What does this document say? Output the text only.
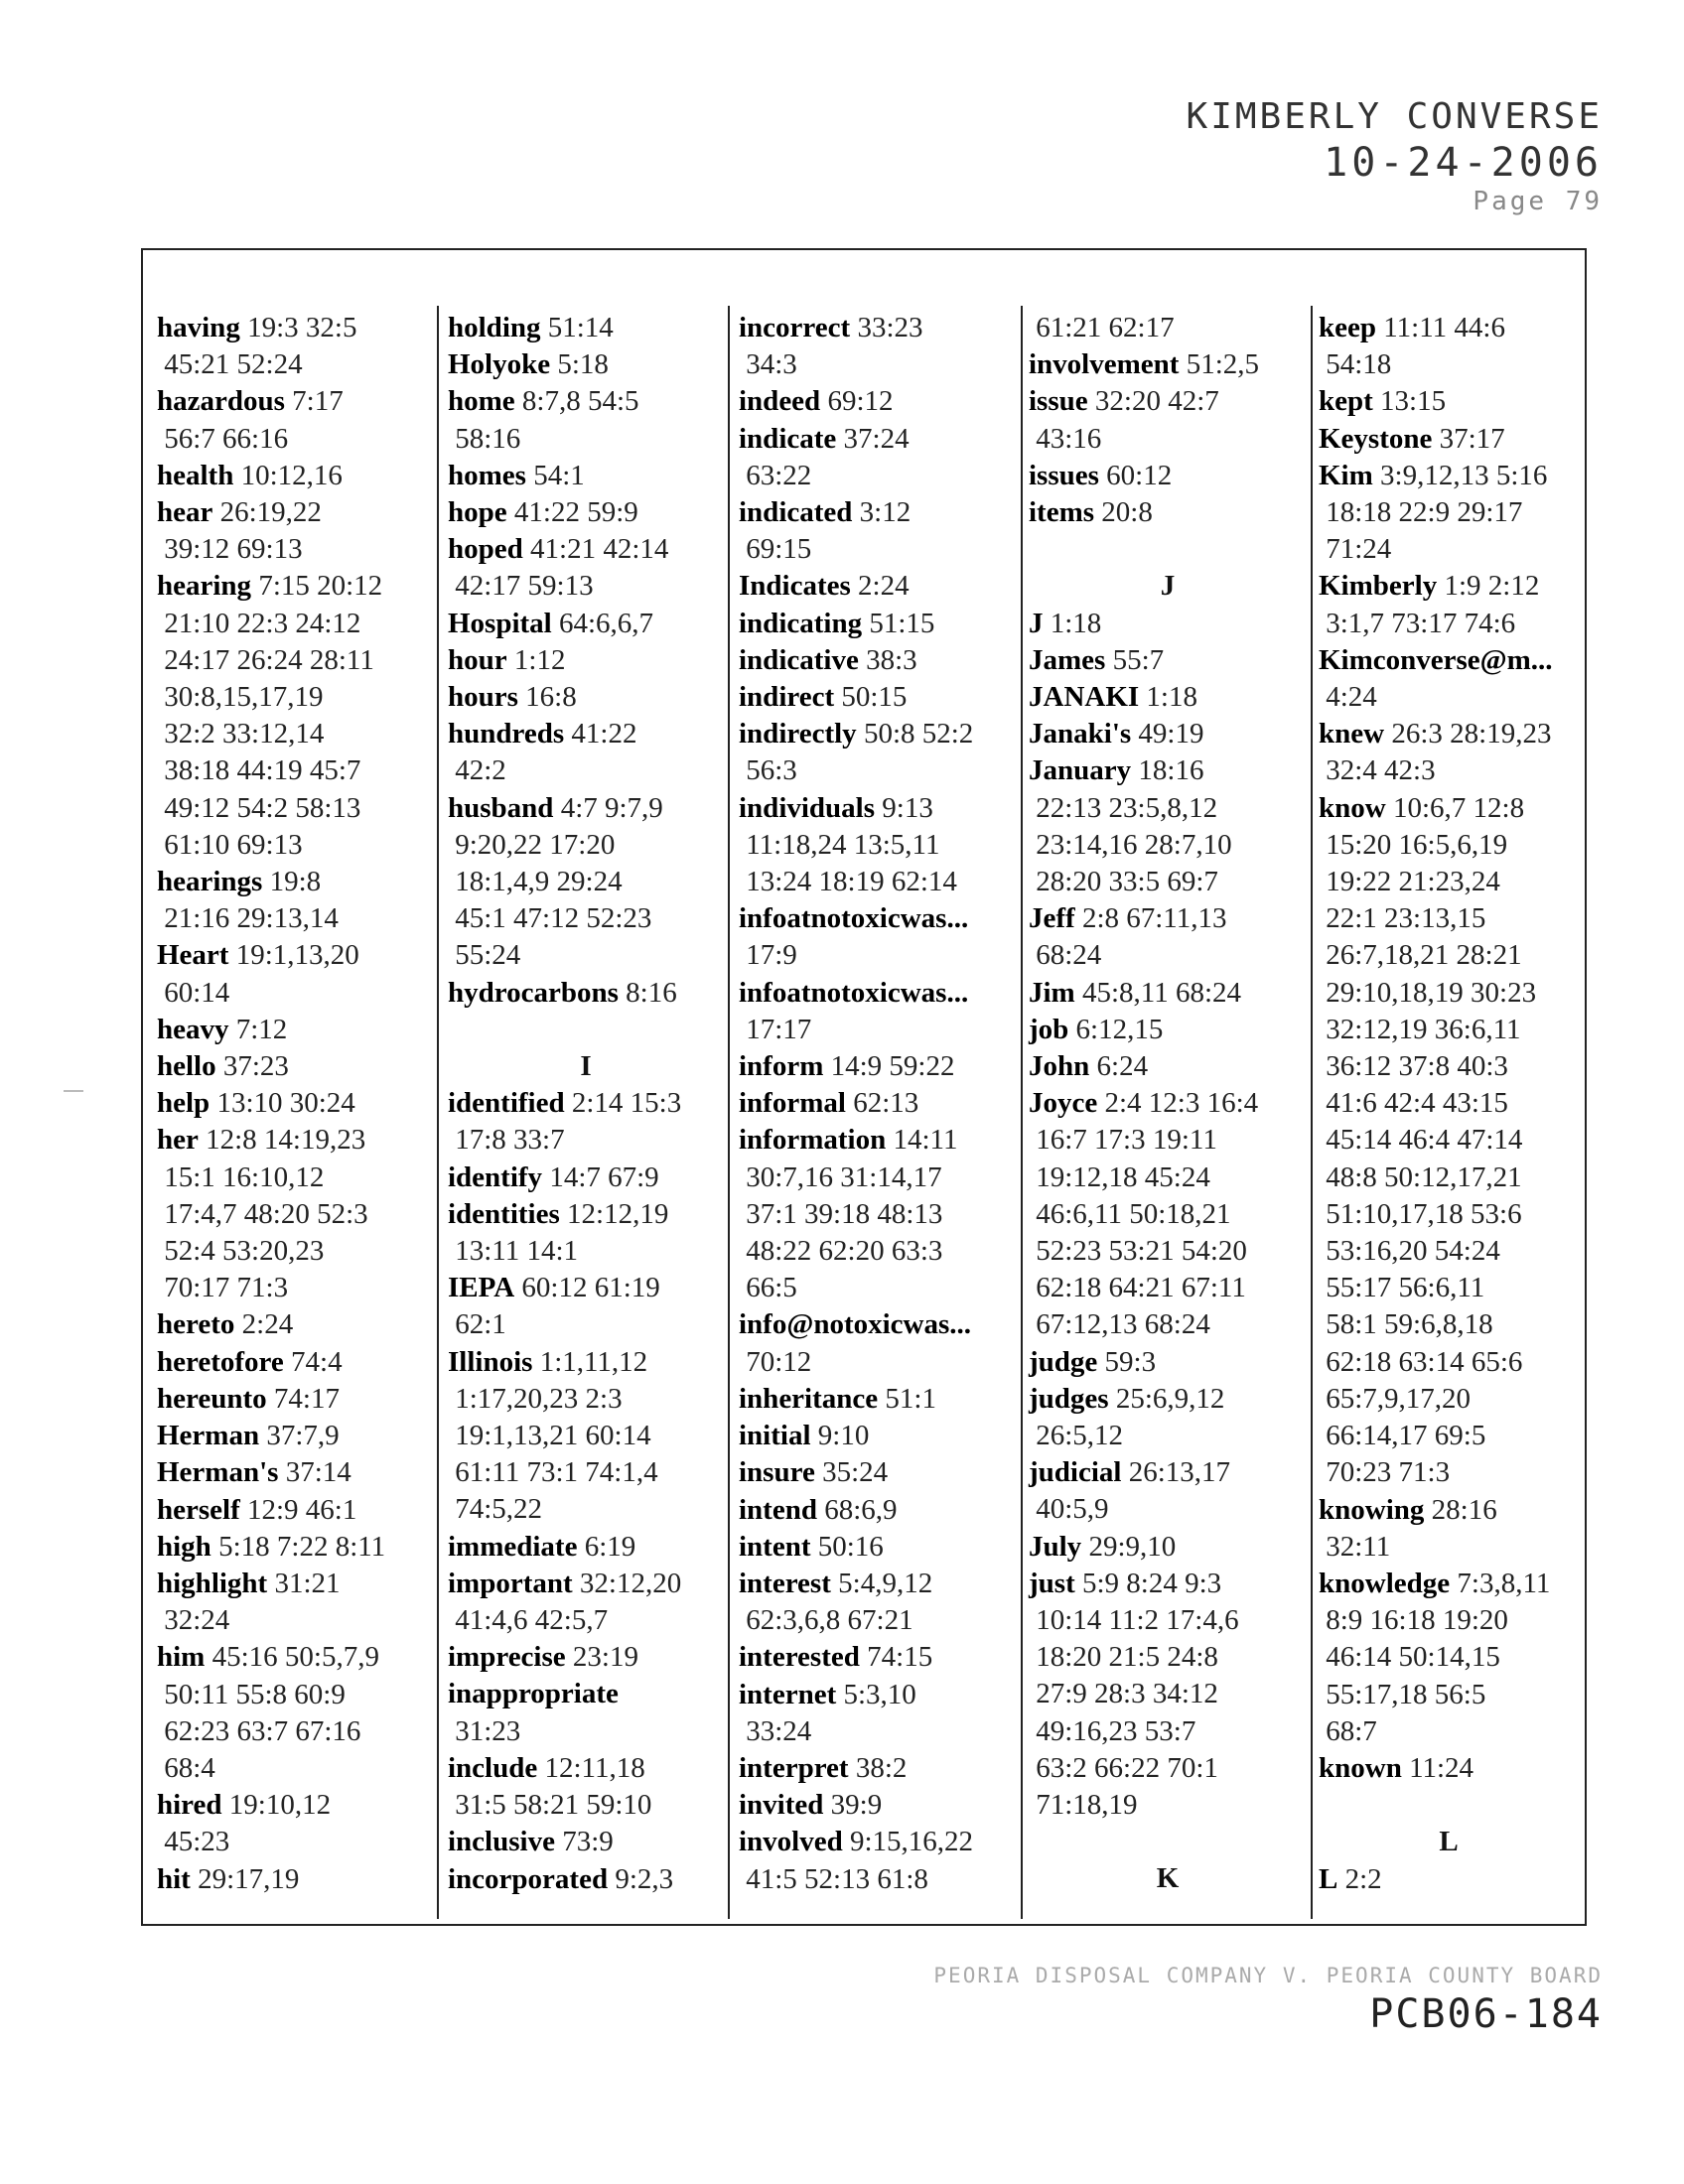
KIMBERLY CONVERSE
10-24-2006
Page 79
having 19:3 32:5
45:21 52:24
hazardous 7:17
56:7 66:16
health 10:12,16
hear 26:19,22
39:12 69:13
hearing 7:15 20:12
21:10 22:3 24:12
24:17 26:24 28:11
30:8,15,17,19
32:2 33:12,14
38:18 44:19 45:7
49:12 54:2 58:13
61:10 69:13
hearings 19:8
21:16 29:13,14
Heart 19:1,13,20
60:14
heavy 7:12
hello 37:23
help 13:10 30:24
her 12:8 14:19,23
15:1 16:10,12
17:4,7 48:20 52:3
52:4 53:20,23
70:17 71:3
hereto 2:24
heretofore 74:4
hereunto 74:17
Herman 37:7,9
Herman's 37:14
herself 12:9 46:1
high 5:18 7:22 8:11
highlight 31:21
32:24
him 45:16 50:5,7,9
50:11 55:8 60:9
62:23 63:7 67:16
68:4
hired 19:10,12
45:23
hit 29:17,19
holding 51:14
Holyoke 5:18
home 8:7,8 54:5
58:16
homes 54:1
hope 41:22 59:9
hoped 41:21 42:14
42:17 59:13
Hospital 64:6,6,7
hour 1:12
hours 16:8
hundreds 41:22
42:2
husband 4:7 9:7,9
9:20,22 17:20
18:1,4,9 29:24
45:1 47:12 52:23
55:24
hydrocarbons 8:16
I
identified 2:14 15:3
17:8 33:7
identify 14:7 67:9
identities 12:12,19
13:11 14:1
IEPA 60:12 61:19
62:1
Illinois 1:1,11,12
1:17,20,23 2:3
19:1,13,21 60:14
61:11 73:1 74:1,4
74:5,22
immediate 6:19
important 32:12,20
41:4,6 42:5,7
imprecise 23:19
inappropriate
31:23
include 12:11,18
31:5 58:21 59:10
inclusive 73:9
incorporated 9:2,3
incorrect 33:23
34:3
indeed 69:12
indicate 37:24
63:22
indicated 3:12
69:15
Indicates 2:24
indicating 51:15
indicative 38:3
indirect 50:15
indirectly 50:8 52:2
56:3
individuals 9:13
11:18,24 13:5,11
13:24 18:19 62:14
infoatnotoxicwas...
17:9
infoatnotoxicwas...
17:17
inform 14:9 59:22
informal 62:13
information 14:11
30:7,16 31:14,17
37:1 39:18 48:13
48:22 62:20 63:3
66:5
info@notoxicwas...
70:12
inheritance 51:1
initial 9:10
insure 35:24
intend 68:6,9
intent 50:16
interest 5:4,9,12
62:3,6,8 67:21
interested 74:15
internet 5:3,10
33:24
interpret 38:2
invited 39:9
involved 9:15,16,22
41:5 52:13 61:8
61:21 62:17
involvement 51:2,5
issue 32:20 42:7
43:16
issues 60:12
items 20:8
J
J 1:18
James 55:7
JANAKI 1:18
Janaki's 49:19
January 18:16
22:13 23:5,8,12
23:14,16 28:7,10
28:20 33:5 69:7
Jeff 2:8 67:11,13
68:24
Jim 45:8,11 68:24
job 6:12,15
John 6:24
Joyce 2:4 12:3 16:4
16:7 17:3 19:11
19:12,18 45:24
46:6,11 50:18,21
52:23 53:21 54:20
62:18 64:21 67:11
67:12,13 68:24
judge 59:3
judges 25:6,9,12
26:5,12
judicial 26:13,17
40:5,9
July 29:9,10
just 5:9 8:24 9:3
10:14 11:2 17:4,6
18:20 21:5 24:8
27:9 28:3 34:12
49:16,23 53:7
63:2 66:22 70:1
71:18,19
K
keep 11:11 44:6
54:18
kept 13:15
Keystone 37:17
Kim 3:9,12,13 5:16
18:18 22:9 29:17
71:24
Kimberly 1:9 2:12
3:1,7 73:17 74:6
Kimconverse@m...
4:24
knew 26:3 28:19,23
32:4 42:3
know 10:6,7 12:8
15:20 16:5,6,19
19:22 21:23,24
22:1 23:13,15
26:7,18,21 28:21
29:10,18,19 30:23
32:12,19 36:6,11
36:12 37:8 40:3
41:6 42:4 43:15
45:14 46:4 47:14
48:8 50:12,17,21
51:10,17,18 53:6
53:16,20 54:24
55:17 56:6,11
58:1 59:6,8,18
62:18 63:14 65:6
65:7,9,17,20
66:14,17 69:5
70:23 71:3
knowing 28:16
32:11
knowledge 7:3,8,11
8:9 16:18 19:20
46:14 50:14,15
55:17,18 56:5
68:7
known 11:24
L
L 2:2
PEORIA DISPOSAL COMPANY V. PEORIA COUNTY BOARD
PCB06-184
